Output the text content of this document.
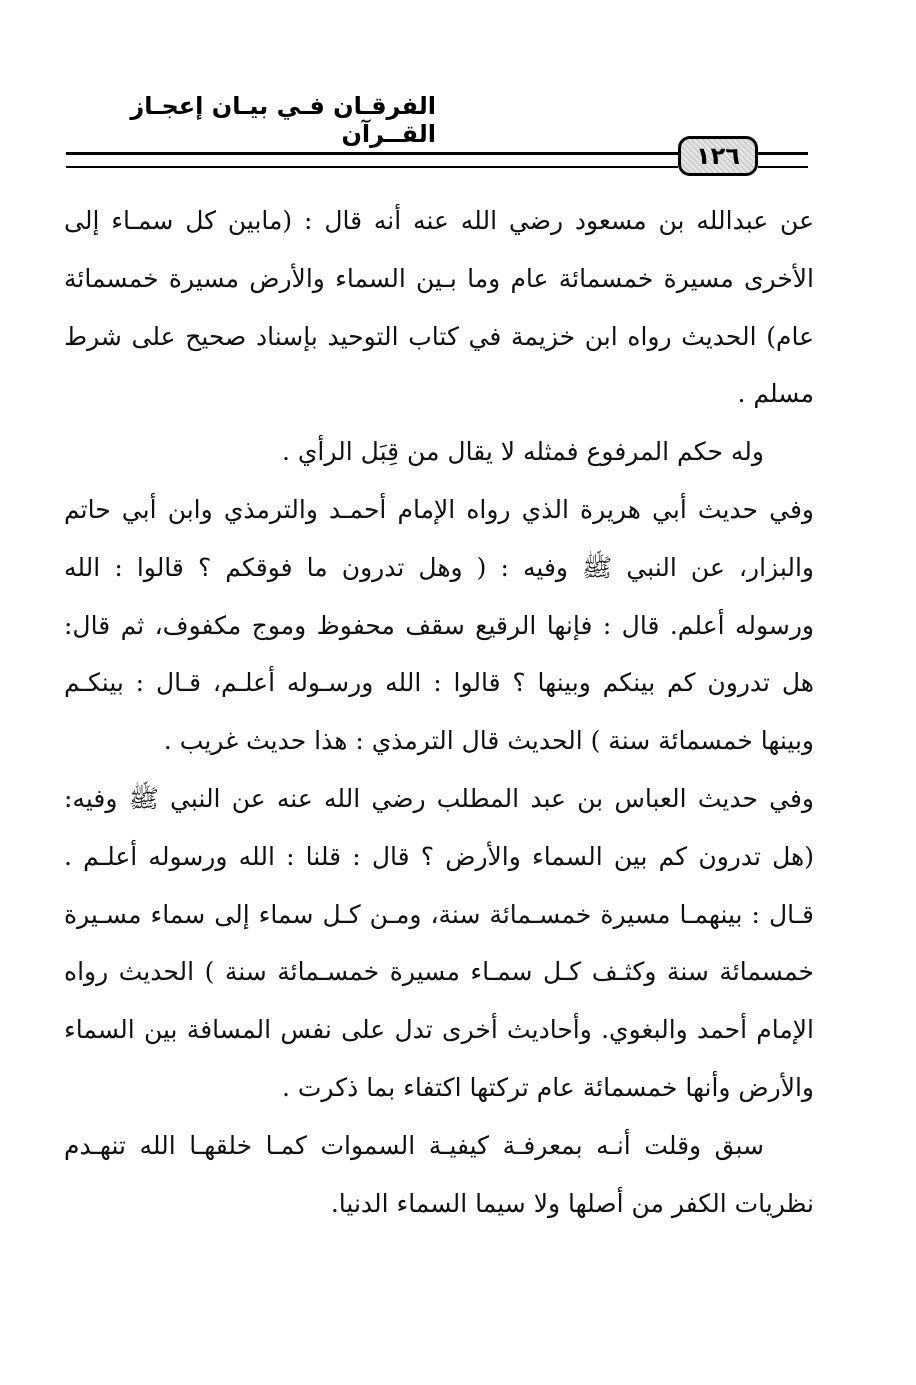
الفرقـان فـي بيـان إعجـاز القــرآن
١٢٦

عن عبدالله بن مسعود رضي الله عنه أنه قال : (مابين كل سمـاء إلى الأخرى مسيرة خمسمائة عام وما بـين السماء والأرض مسيرة خمسمائة عام) الحديث رواه ابن خزيمة في كتاب التوحيد بإسناد صحيح على شرط مسلم .

وله حكم المرفوع فمثله لا يقال من قِبَل الرأي .

وفي حديث أبي هريرة الذي رواه الإمام أحمـد والترمذي وابن أبي حاتم والبزار، عن النبي ﷺ وفيه : ( وهل تدرون ما فوقكم ؟ قالوا : الله ورسوله أعلم. قال : فإنها الرقيع سقف محفوظ وموج مكفوف، ثم قال: هل تدرون كم بينكم وبينها ؟ قالوا : الله ورسـوله أعلـم، قـال : بينكـم وبينها خمسمائة سنة ) الحديث قال الترمذي : هذا حديث غريب .

وفي حديث العباس بن عبد المطلب رضي الله عنه عن النبي ﷺ وفيه: (هل تدرون كم بين السماء والأرض ؟ قال : قلنا : الله ورسوله أعلـم . قـال : بينهمـا مسيرة خمسـمائة سنة، ومـن كـل سماء إلى سماء مسـيرة خمسمائة سنة وكثـف كـل سمـاء مسيرة خمسـمائة سنة ) الحديث رواه الإمام أحمد والبغوي. وأحاديث أخرى تدل على نفس المسافة بين السماء والأرض وأنها خمسمائة عام تركتها اكتفاء بما ذكرت .

سبق وقلت أنـه بمعرفـة كيفيـة السموات كمـا خلقهـا الله تنهـدم نظريات الكفر من أصلها ولا سيما السماء الدنيا.
